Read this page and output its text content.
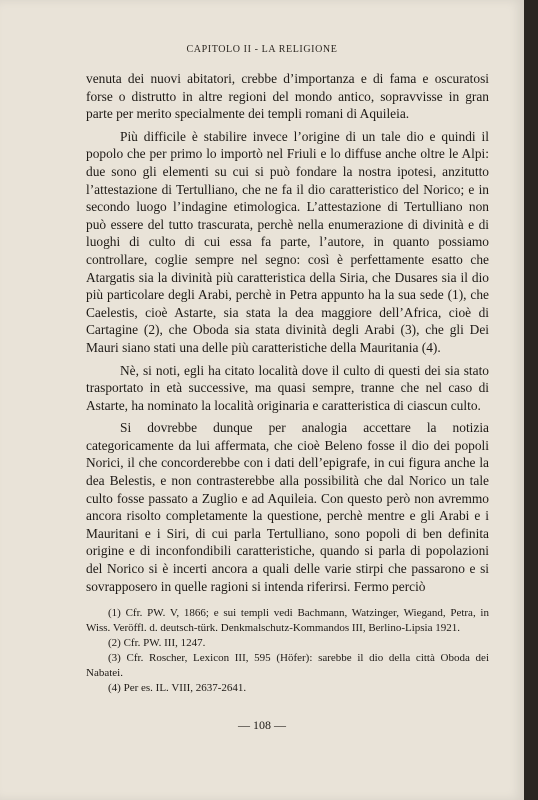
CAPITOLO II - LA RELIGIONE

venuta dei nuovi abitatori, crebbe d’importanza e di fama e oscuratosi forse o distrutto in altre regioni del mondo antico, sopravvisse in gran parte per merito specialmente dei templi romani di Aquileia.

Più difficile è stabilire invece l’origine di un tale dio e quindi il popolo che per primo lo importò nel Friuli e lo diffuse anche oltre le Alpi: due sono gli elementi su cui si può fondare la nostra ipotesi, anzitutto l’attestazione di Tertulliano, che ne fa il dio caratteristico del Norico; e in secondo luogo l’indagine etimologica. L’attestazione di Tertulliano non può essere del tutto trascurata, perchè nella enumerazione di divinità e di luoghi di culto di cui essa fa parte, l’autore, in quanto possiamo controllare, coglie sempre nel segno: così è perfettamente esatto che Atargatis sia la divinità più caratteristica della Siria, che Dusares sia il dio più particolare degli Arabi, perchè in Petra appunto ha la sua sede (1), che Caelestis, cioè Astarte, sia stata la dea maggiore dell’Africa, cioè di Cartagine (2), che Oboda sia stata divinità degli Arabi (3), che gli Dei Mauri siano stati una delle più caratteristiche della Mauritania (4).

Nè, si noti, egli ha citato località dove il culto di questi dei sia stato trasportato in età successive, ma quasi sempre, tranne che nel caso di Astarte, ha nominato la località originaria e caratteristica di ciascun culto.

Si dovrebbe dunque per analogia accettare la notizia categoricamente da lui affermata, che cioè Beleno fosse il dio dei popoli Norici, il che concorderebbe con i dati dell’epigrafe, in cui figura anche la dea Belestis, e non contrasterebbe alla possibilità che dal Norico un tale culto fosse passato a Zuglio e ad Aquileia. Con questo però non avremmo ancora risolto completamente la questione, perchè mentre e gli Arabi e i Mauritani e i Siri, di cui parla Tertulliano, sono popoli di ben definita origine e di inconfondibili caratteristiche, quando si parla di popolazioni del Norico si è incerti ancora a quali delle varie stirpi che passarono e si sovrapposero in quelle ragioni si intenda riferirsi. Fermo perciò

(1) Cfr. PW. V, 1866; e sui templi vedi Bachmann, Watzinger, Wiegand, Petra, in Wiss. Veröffl. d. deutsch-türk. Denkmalschutz-Kommandos III, Berlino-Lipsia 1921.

(2) Cfr. PW. III, 1247.

(3) Cfr. Roscher, Lexicon III, 595 (Höfer): sarebbe il dio della città Oboda dei Nabatei.

(4) Per es. IL. VIII, 2637-2641.

— 108 —
